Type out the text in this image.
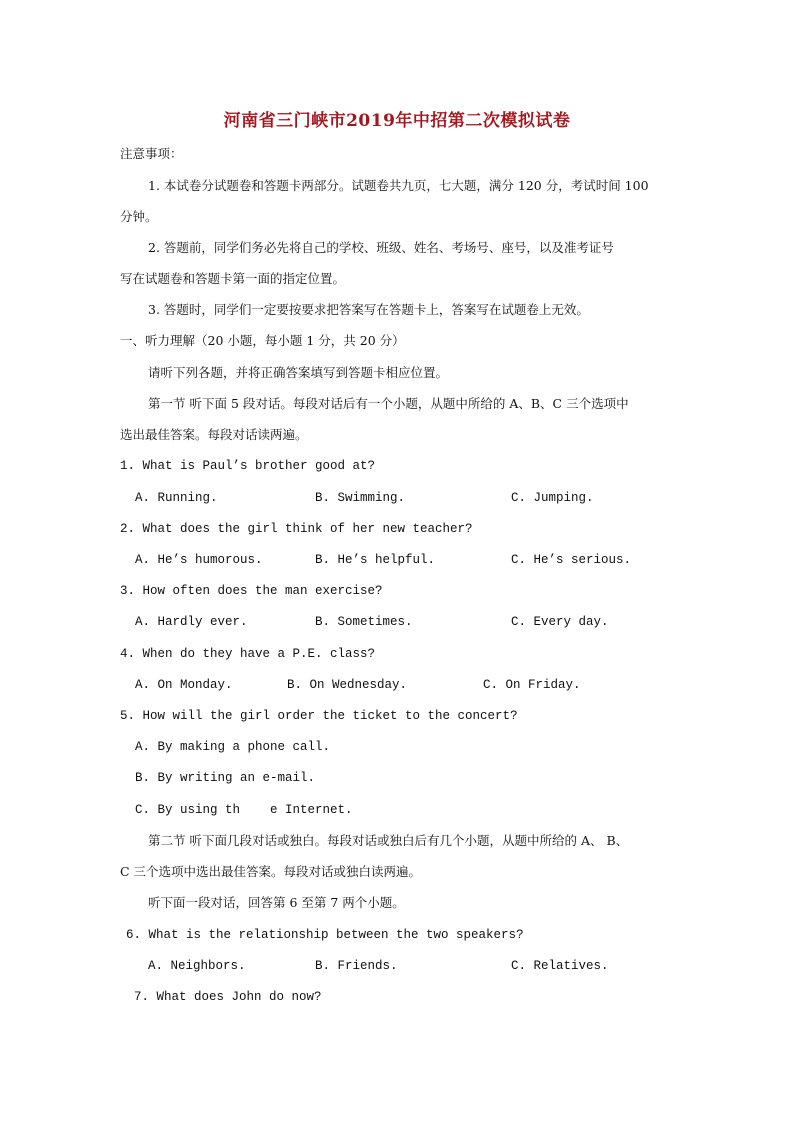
河南省三门峡市2019年中招第二次模拟试卷
注意事项：
1. 本试卷分试题卷和答题卡两部分。试题卷共九页，七大题，满分 120 分，考试时间 100
分钟。
2. 答题前，同学们务必先将自己的学校、班级、姓名、考场号、座号，以及准考证号
写在试题卷和答题卡第一面的指定位置。
3. 答题时，同学们一定要按要求把答案写在答题卡上，答案写在试题卷上无效。
一、听力理解（20 小题，每小题 1 分，共 20 分）
请听下列各题，并将正确答案填写到答题卡相应位置。
第一节 听下面 5 段对话。每段对话后有一个小题，从题中所给的 A、B、C 三个选项中
选出最佳答案。每段对话读两遍。
1. What is Paul’s brother good at?
A. Running.	B. Swimming.	C. Jumping.
2. What does the girl think of her new teacher?
A. He’s humorous.	B. He’s helpful.	C. He’s serious.
3. How often does the man exercise?
A. Hardly ever.	B. Sometimes.	C. Every day.
4. When do they have a P.E. class?
A. On Monday.	B. On Wednesday.	C. On Friday.
5. How will the girl order the ticket to the concert?
A. By making a phone call.
B. By writing an e-mail.
C. By using th    e Internet.
第二节 听下面几段对话或独白。每段对话或独白后有几个小题，从题中所给的 A、 B、
C 三个选项中选出最佳答案。每段对话或独白读两遍。
听下面一段对话，回答第 6 至第 7 两个小题。
6. What is the relationship between the two speakers?
A. Neighbors.	B. Friends.	C. Relatives.
7. What does John do now?
